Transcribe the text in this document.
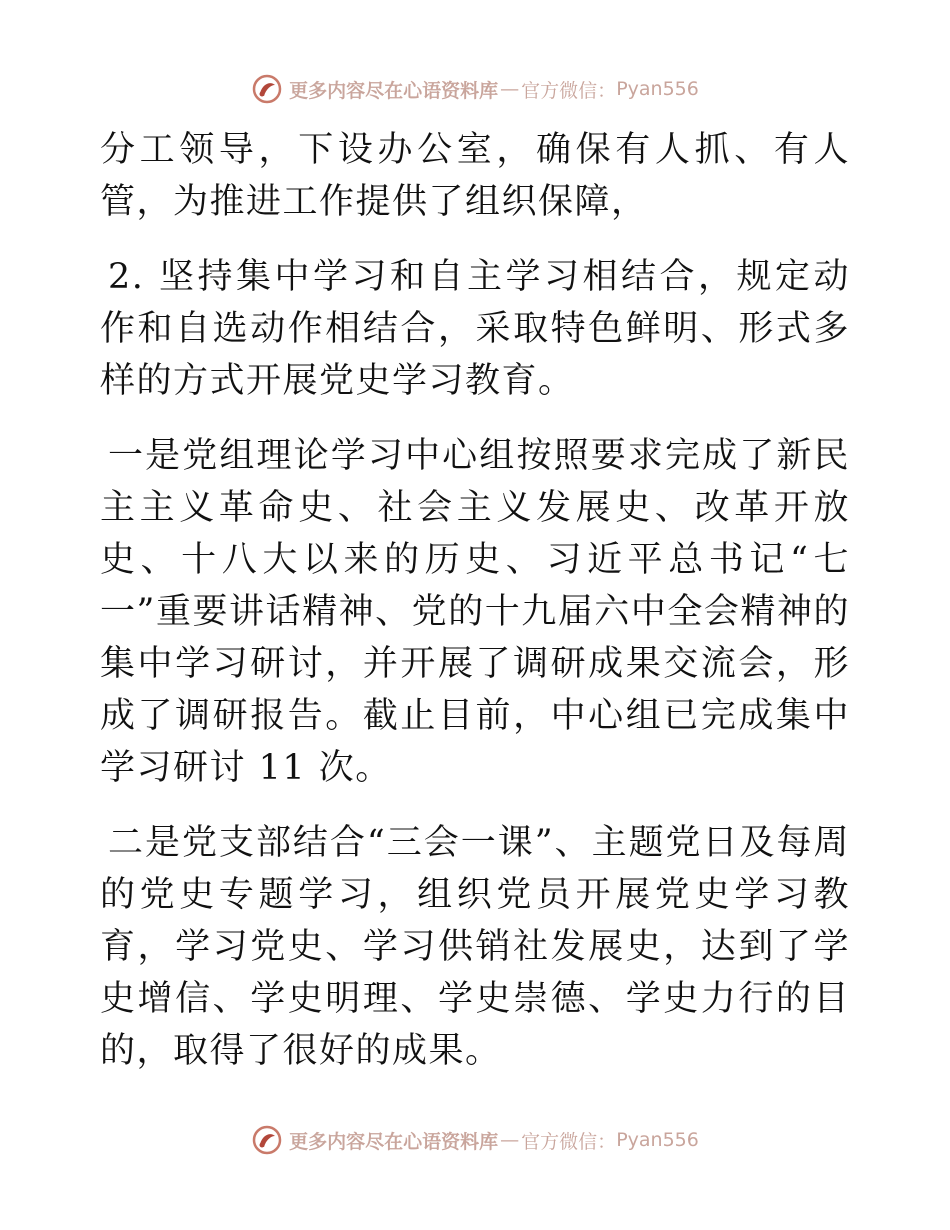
更多内容尽在心语资料库 — 官方微信： Pyan556

分工领导，下设办公室，确保有人抓、有人管，为推进工作提供了组织保障，

2. 坚持集中学习和自主学习相结合，规定动作和自选动作相结合，采取特色鲜明、形式多样的方式开展党史学习教育。

一是党组理论学习中心组按照要求完成了新民主主义革命史、社会主义发展史、改革开放史、十八大以来的历史、习近平总书记“七一”重要讲话精神、党的十九届六中全会精神的集中学习研讨，并开展了调研成果交流会，形成了调研报告。截止目前，中心组已完成集中学习研讨 11 次。

二是党支部结合“三会一课”、主题党日及每周的党史专题学习，组织党员开展党史学习教育，学习党史、学习供销社发展史，达到了学史增信、学史明理、学史崇德、学史力行的目的，取得了很好的成果。

更多内容尽在心语资料库 — 官方微信： Pyan556
